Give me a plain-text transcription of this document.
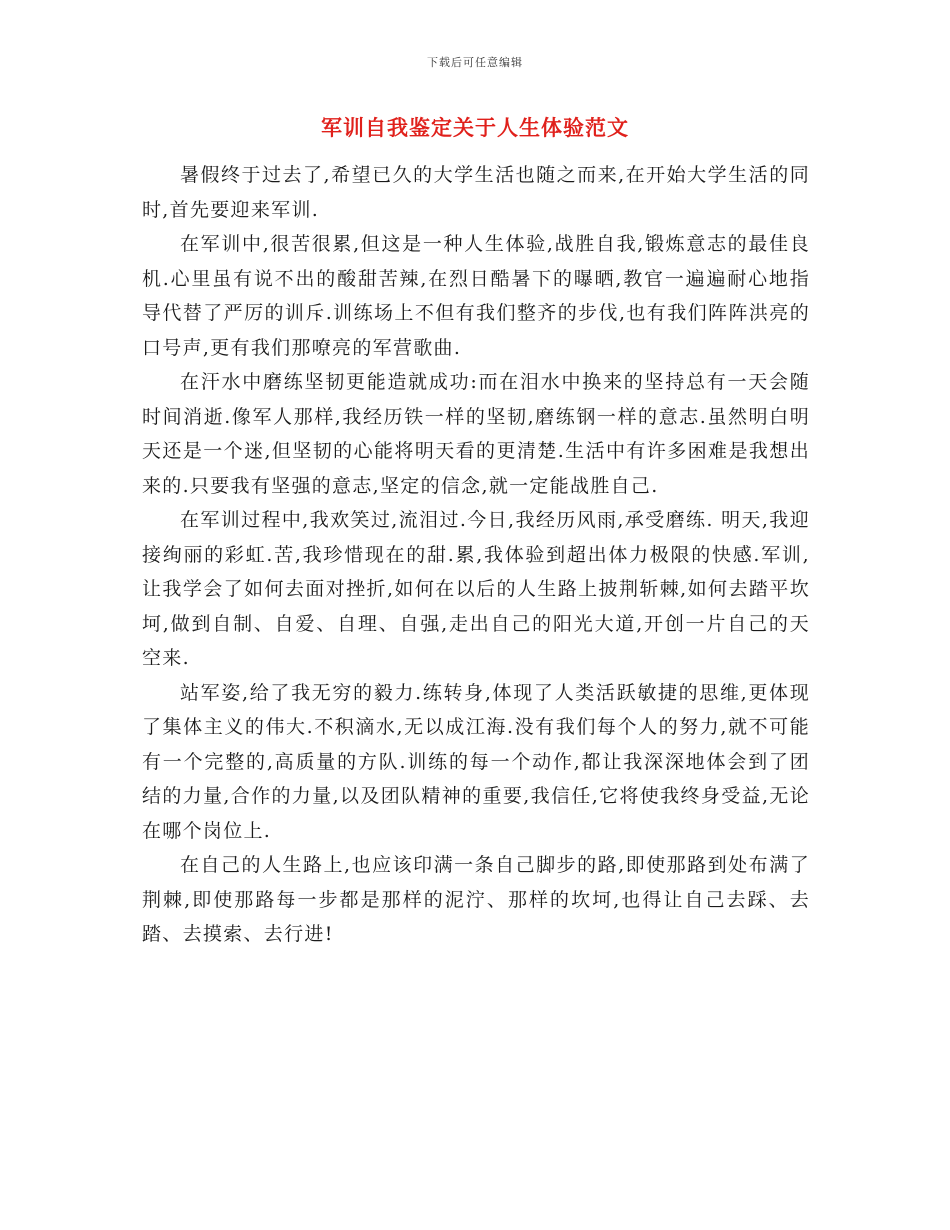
下载后可任意编辑
军训自我鉴定关于人生体验范文

暑假终于过去了,希望已久的大学生活也随之而来,在开始大学生活的同时,首先要迎来军训.

在军训中,很苦很累,但这是一种人生体验,战胜自我,锻炼意志的最佳良机.心里虽有说不出的酸甜苦辣,在烈日酷暑下的曝晒,教官一遍遍耐心地指导代替了严厉的训斥.训练场上不但有我们整齐的步伐,也有我们阵阵洪亮的口号声,更有我们那嘹亮的军营歌曲.

在汗水中磨练坚韧更能造就成功:而在泪水中换来的坚持总有一天会随时间消逝.像军人那样,我经历铁一样的坚韧,磨练钢一样的意志.虽然明白明天还是一个迷,但坚韧的心能将明天看的更清楚.生活中有许多困难是我想出来的.只要我有坚强的意志,坚定的信念,就一定能战胜自己.

在军训过程中,我欢笑过,流泪过.今日,我经历风雨,承受磨练. 明天,我迎接绚丽的彩虹.苦,我珍惜现在的甜.累,我体验到超出体力极限的快感.军训,让我学会了如何去面对挫折,如何在以后的人生路上披荆斩棘,如何去踏平坎坷,做到自制、自爱、自理、自强,走出自己的阳光大道,开创一片自己的天空来.

站军姿,给了我无穷的毅力.练转身,体现了人类活跃敏捷的思维,更体现了集体主义的伟大.不积滴水,无以成江海.没有我们每个人的努力,就不可能有一个完整的,高质量的方队.训练的每一个动作,都让我深深地体会到了团结的力量,合作的力量,以及团队精神的重要,我信任,它将使我终身受益,无论在哪个岗位上.

在自己的人生路上,也应该印满一条自己脚步的路,即使那路到处布满了荆棘,即使那路每一步都是那样的泥泞、那样的坎坷,也得让自己去踩、去踏、去摸索、去行进!
